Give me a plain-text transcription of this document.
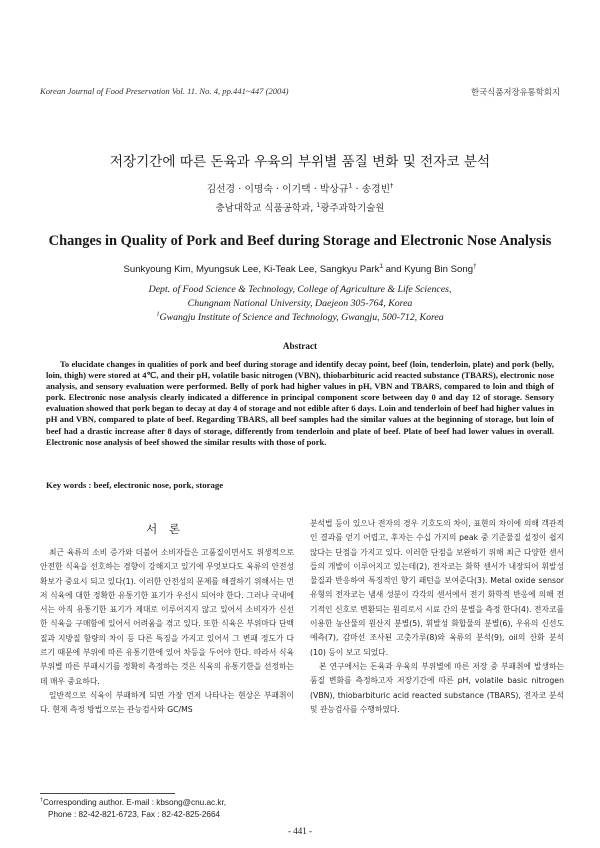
Korean Journal of Food Preservation Vol. 11. No. 4, pp.441~447 (2004)	한국식품저장유통학회지
저장기간에 따른 돈육과 우육의 부위별 품질 변화 및 전자코 분석
김선경 · 이명숙 · 이기택 · 박상규$^1$ · 송경빈†
충남대학교 식품공학과, $^1$광주과학기술원
Changes in Quality of Pork and Beef during Storage and Electronic Nose Analysis
Sunkyoung Kim, Myungsuk Lee, Ki-Teak Lee, Sangkyu Park$^1$ and Kyung Bin Song†
Dept. of Food Science & Technology, College of Agriculture & Life Sciences,
Chungnam National University, Daejeon 305-764, Korea
$^1$Gwangju Institute of Science and Technology, Gwangju, 500-712, Korea
Abstract

To elucidate changes in qualities of pork and beef during storage and identify decay point, beef (loin, tenderloin, plate) and pork (belly, loin, thigh) were stored at 4℃, and their pH, volatile basic nitrogen (VBN), thiobarbituric acid reacted substance (TBARS), electronic nose analysis, and sensory evaluation were performed. Belly of pork had higher values in pH, VBN and TBARS, compared to loin and thigh of pork. Electronic nose analysis clearly indicated a difference in principal component score between day 0 and day 12 of storage. Sensory evaluation showed that pork began to decay at day 4 of storage and not edible after 6 days. Loin and tenderloin of beef had higher values in pH and VBN, compared to plate of beef. Regarding TBARS, all beef samples had the similar values at the beginning of storage, but loin of beef had a drastic increase after 8 days of storage, differently from tenderloin and plate of beef. Plate of beef had lower values in overall. Electronic nose analysis of beef showed the similar results with those of pork.

Key words : beef, electronic nose, pork, storage
서 론

최근 육류의 소비 증가와 더불어 소비자들은 고품질이면서도 위생적으로 안전한 식육을 선호하는 경향이 강해지고 있기에 무엇보다도 육류의 안전성 확보가 중요시 되고 있다(1). 이러한 안전성의 문제를 해결하기 위해서는 먼저 식육에 대한 정확한 유통기한 표기가 우선시 되어야 한다. 그러나 국내에서는 아직 유통기한 표기가 제대로 이루어지지 않고 있어서 소비자가 신선한 식육을 구매함에 있어서 어려움을 겪고 있다. 또한 식육은 부위마다 단백질과 지방질 함량의 차이 등 다른 특징을 가지고 있어서 그 변패 정도가 다르기 때문에 부위에 따른 유통기한에 있어 차등을 두어야 한다. 따라서 식육 부위별 따른 부패시기를 정확히 측정하는 것은 식육의 유통기한을 선정하는데 매우 중요하다.

일반적으로 식육이 부패하게 되면 가장 먼저 나타나는 현상은 부패취이다. 현재 측정 방법으로는 관능검사와 GC/MS

분석법 등이 있으나 전자의 경우 기호도의 차이, 표현의 차이에 의해 객관적인 결과를 얻기 어렵고, 후자는 수십 가지의 peak 중 기준물질 설정이 쉽지 않다는 단점을 가지고 있다. 이러한 단점을 보완하기 위해 최근 다양한 센서들의 개발이 이루어지고 있는데(2), 전자코는 화학 센서가 내장되어 휘발성 물질과 반응하여 특징적인 향기 패턴을 보여준다(3). Metal oxide sensor 유형의 전자코는 냄새 성분이 각각의 센서에서 전기 화학적 반응에 의해 전기적인 신호로 변환되는 원리로서 시료 간의 분별을 측정 한다(4). 전자코를 이용한 농산물의 원산지 분별(5), 휘발성 화합물의 분별(6), 우유의 신선도 예측(7), 감마선 조사된 고춧가루(8)와 육류의 분석(9), oil의 산화 분석(10) 등이 보고 되었다.

본 연구에서는 돈육과 우육의 부위별에 따른 저장 중 부패취에 발생하는 품질 변화를 측정하고자 저장기간에 따른 pH, volatile basic nitrogen (VBN), thiobarbituric acid reacted substance (TBARS), 전자코 분석 및 관능검사를 수행하였다.

†Corresponding author. E-mail : kbsong@cnu.ac.kr,
Phone : 82-42-821-6723, Fax : 82-42-825-2664
- 441 -
